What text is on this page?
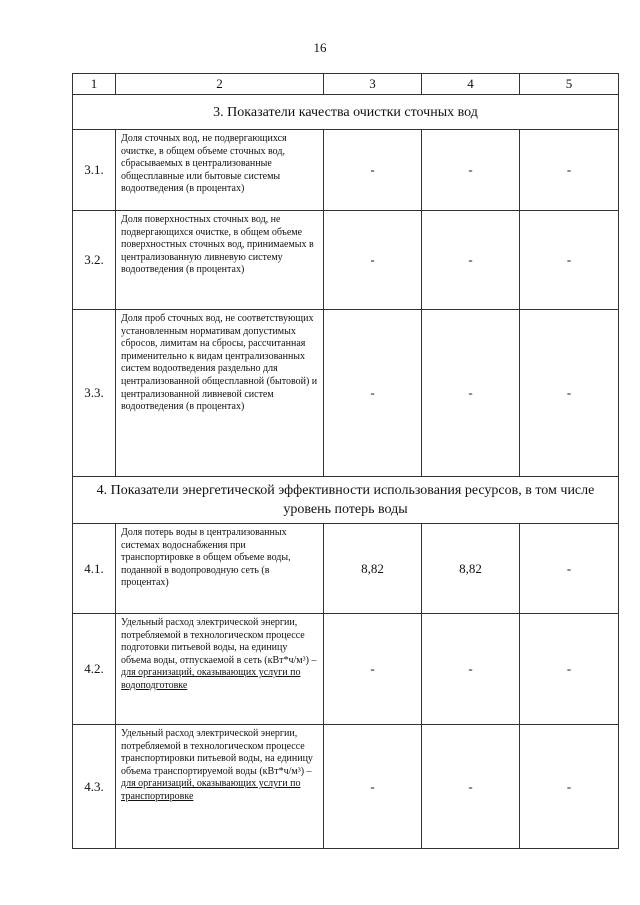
16
1	2	3	4	5
3. Показатели качества очистки сточных вод				
3.1.	Доля сточных вод, не подвергающихся очистке, в общем объеме сточных вод, сбрасываемых в централизованные общесплавные или бытовые системы водоотведения (в процентах)	-	-	-
3.2.	Доля поверхностных сточных вод, не подвергающихся очистке, в общем объеме поверхностных сточных вод, принимаемых в централизованную ливневую систему водоотведения (в процентах)	-	-	-
3.3.	Доля проб сточных вод, не соответствующих установленным нормативам допустимых сбросов, лимитам на сбросы, рассчитанная применительно к видам централизованных систем водоотведения раздельно для централизованной общесплавной (бытовой) и централизованной ливневой систем водоотведения (в процентах)	-	-	-
4. Показатели энергетической эффективности использования ресурсов, в том числе уровень потерь воды				
4.1.	Доля потерь воды в централизованных системах водоснабжения при транспортировке в общем объеме воды, поданной в водопроводную сеть (в процентах)	8,82	8,82	-
4.2.	Удельный расход электрической энергии, потребляемой в технологическом процессе подготовки питьевой воды, на единицу объема воды, отпускаемой в сеть (кВт*ч/м³) – для организаций, оказывающих услуги по водоподготовке	-	-	-
4.3.	Удельный расход электрической энергии, потребляемой в технологическом процессе транспортировки питьевой воды, на единицу объема транспортируемой воды (кВт*ч/м³) – для организаций, оказывающих услуги по транспортировке	-	-	-
